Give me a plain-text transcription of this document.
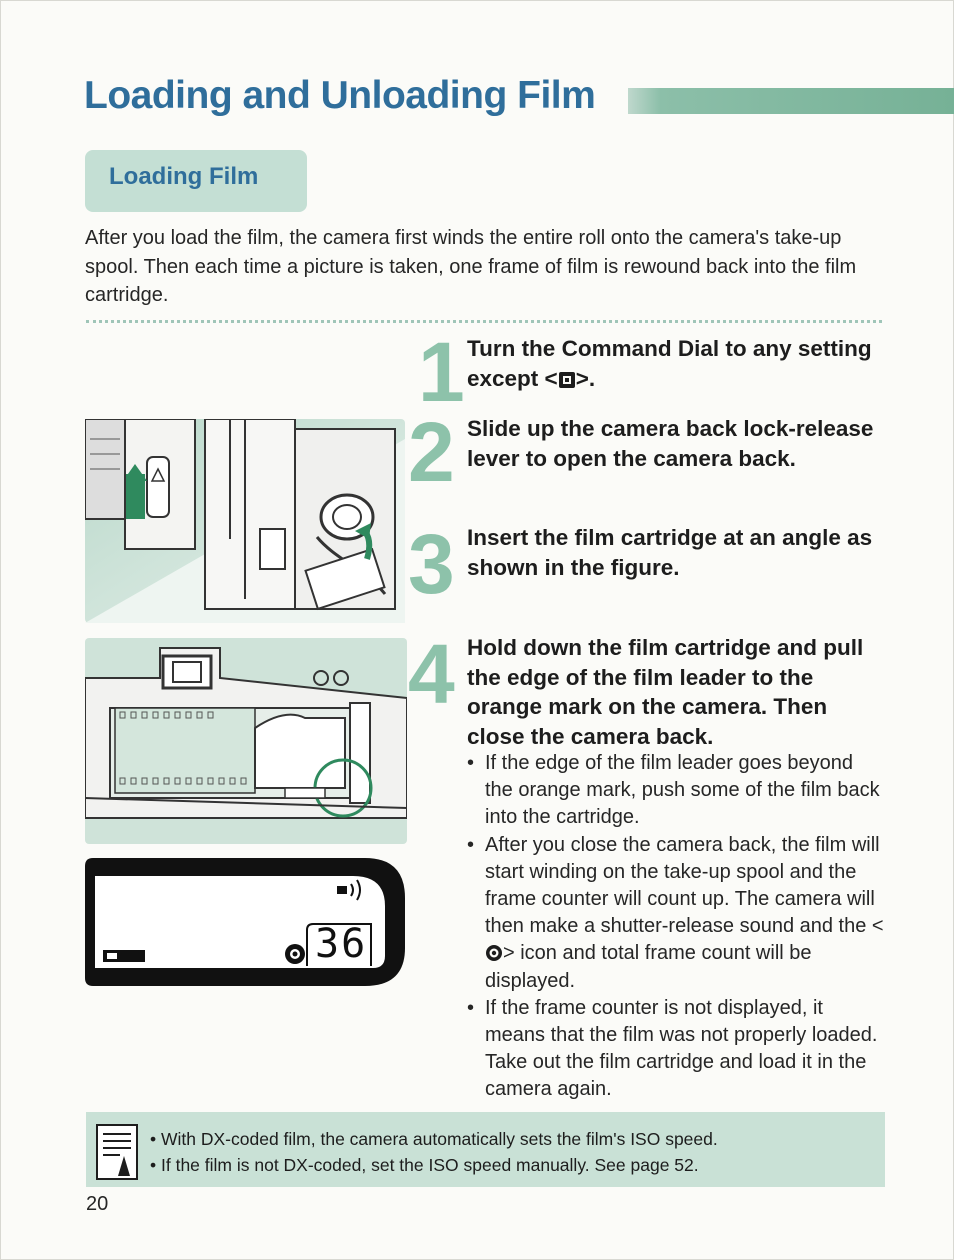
Loading and Unloading Film
Loading Film

After you load the film, the camera first winds the entire roll onto the camera's take-up spool. Then each time a picture is taken, one frame of film is rewound back into the film cartridge.

1
2
3
4

Turn the Command Dial to any setting except < >.

Slide up the camera back lock-release lever to open the camera back.

Insert the film cartridge at an angle as shown in the figure.

Hold down the film cartridge and pull the edge of the film leader to the orange mark on the camera. Then close the camera back.

• If the edge of the film leader goes beyond the orange mark, push some of the film back into the cartridge.
• After you close the camera back, the film will start winding on the take-up spool and the frame counter will count up. The camera will then make a shutter-release sound and the <> icon and total frame count will be displayed.
• If the frame counter is not displayed, it means that the film was not properly loaded. Take out the film cartridge and load it in the camera again.
36
• With DX-coded film, the camera automatically sets the film's ISO speed.
• If the film is not DX-coded, set the ISO speed manually. See page 52.
20
